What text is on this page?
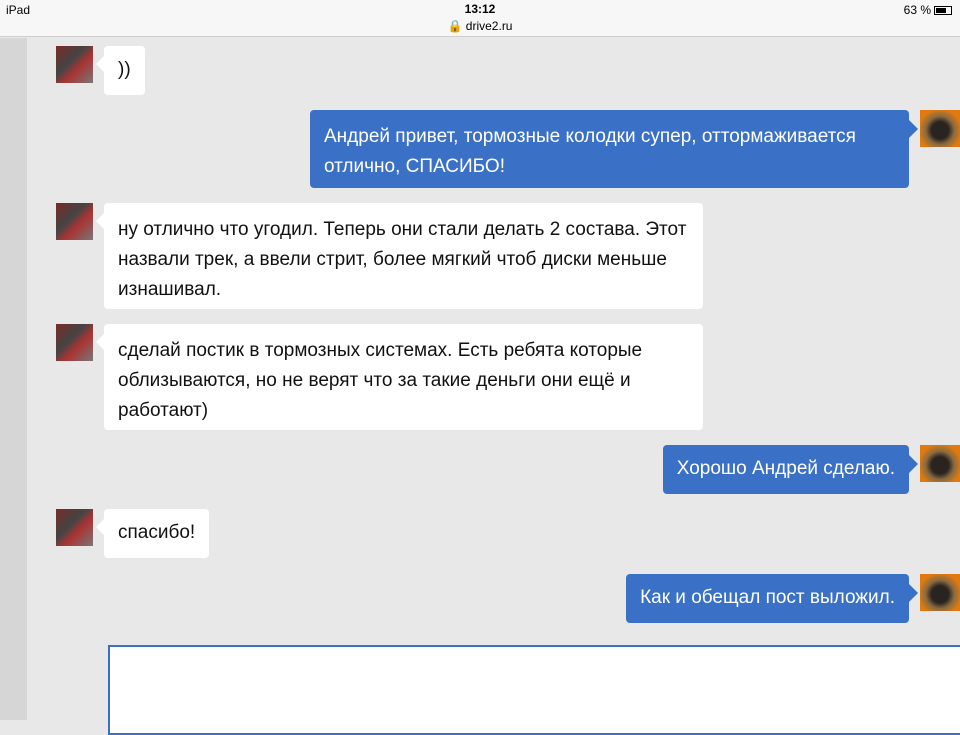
iPad	13:12
🔒 drive2.ru
63 %
))
Андрей привет, тормозные колодки супер, оттормаживается отлично, СПАСИБО!
ну отлично что угодил. Теперь они стали делать 2 состава. Этот назвали трек, а ввели стрит, более мягкий чтоб диски меньше изнашивал.
сделай постик в тормозных системах. Есть ребята которые облизываются, но не верят что за такие деньги они ещё и работают)
Хорошо Андрей сделаю.
спасибо!
Как и обещал пост выложил.
